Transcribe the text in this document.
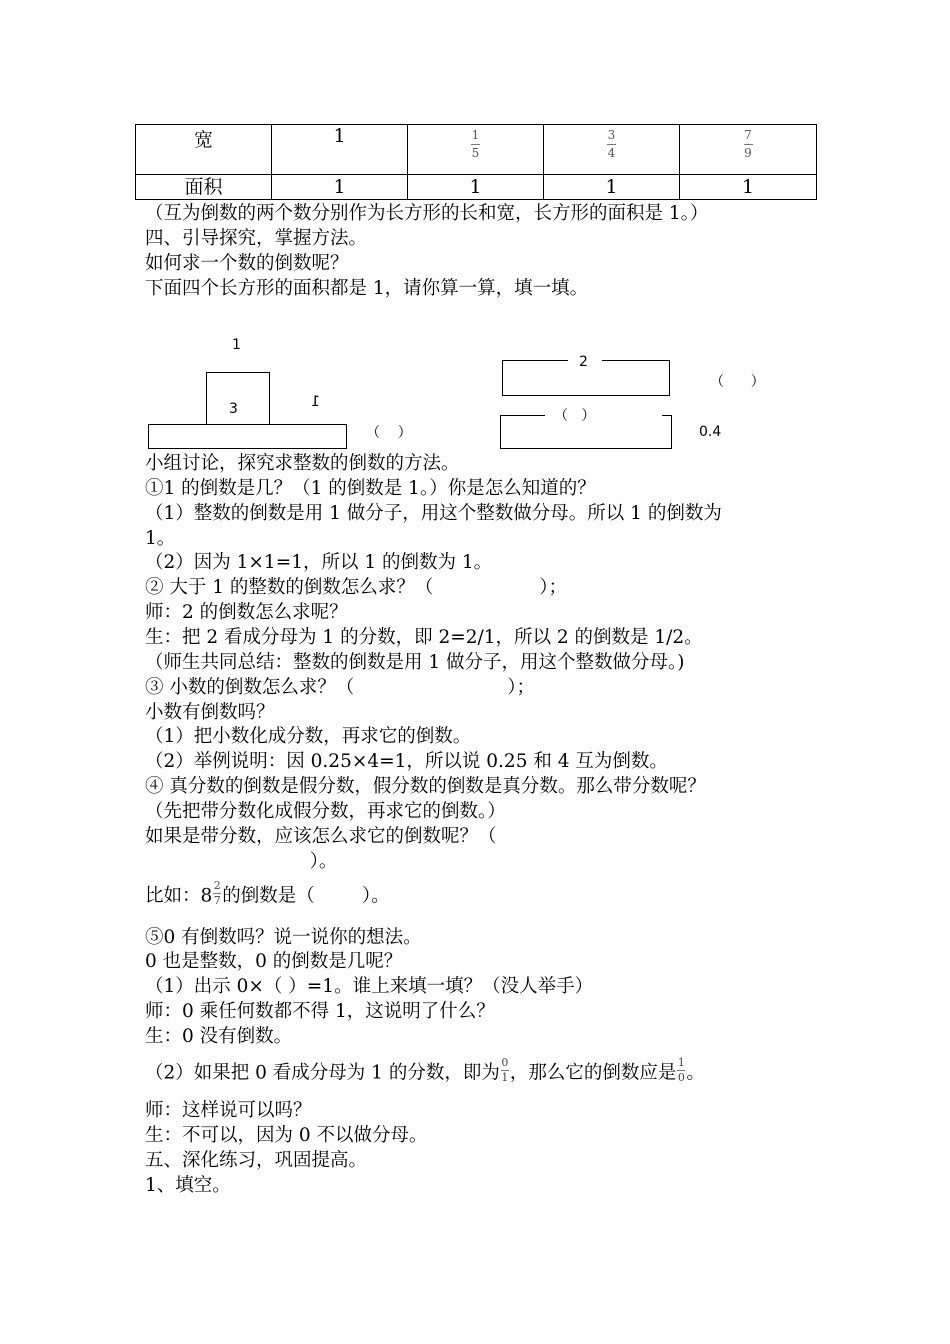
宽	1	$\frac{1}{5}$	$\frac{3}{4}$	$\frac{7}{9}$

面积	1	1	1	1
（互为倒数的两个数分别作为长方形的长和宽，长方形的面积是 1。）
四、引导探究，掌握方法。
如何求一个数的倒数呢？
下面四个长方形的面积都是 1，请你算一算，填一填。
1
3	1
（    ）
2
（      ）
（   ）
0.4
小组讨论，探究求整数的倒数的方法。
①1 的倒数是几？（1 的倒数是 1。）你是怎么知道的？
（1）整数的倒数是用 1 做分子，用这个整数做分母。所以 1 的倒数为
1。
（2）因为 1×1=1，所以 1 的倒数为 1。
② 大于 1 的整数的倒数怎么求？（                  ）；
师：2 的倒数怎么求呢？
生：把 2 看成分母为 1 的分数，即 2=2/1，所以 2 的倒数是 1/2。
（师生共同总结：整数的倒数是用 1 做分子，用这个整数做分母。)
③ 小数的倒数怎么求？（                          ）；
小数有倒数吗？
（1）把小数化成分数，再求它的倒数。
（2）举例说明：因 0.25×4=1，所以说 0.25 和 4 互为倒数。
④ 真分数的倒数是假分数，假分数的倒数是真分数。那么带分数呢？
（先把带分数化成假分数，再求它的倒数。）
如果是带分数，应该怎么求它的倒数呢？（
）。
比如：$8 \frac{2}{7}$ 的倒数是（        ）。
⑤0 有倒数吗？说一说你的想法。
0 也是整数，0 的倒数是几呢？
（1）出示 0×（ ）=1。谁上来填一填？（没人举手）
师：0 乘任何数都不得 1，这说明了什么？
生：0 没有倒数。
（2）如果把 0 看成分母为 1 的分数，即为 $\frac{0}{1}$ ，那么它的倒数应是 $\frac{1}{0}$ 。
师：这样说可以吗？
生：不可以，因为 0 不以做分母。
五、深化练习，巩固提高。
1、填空。
